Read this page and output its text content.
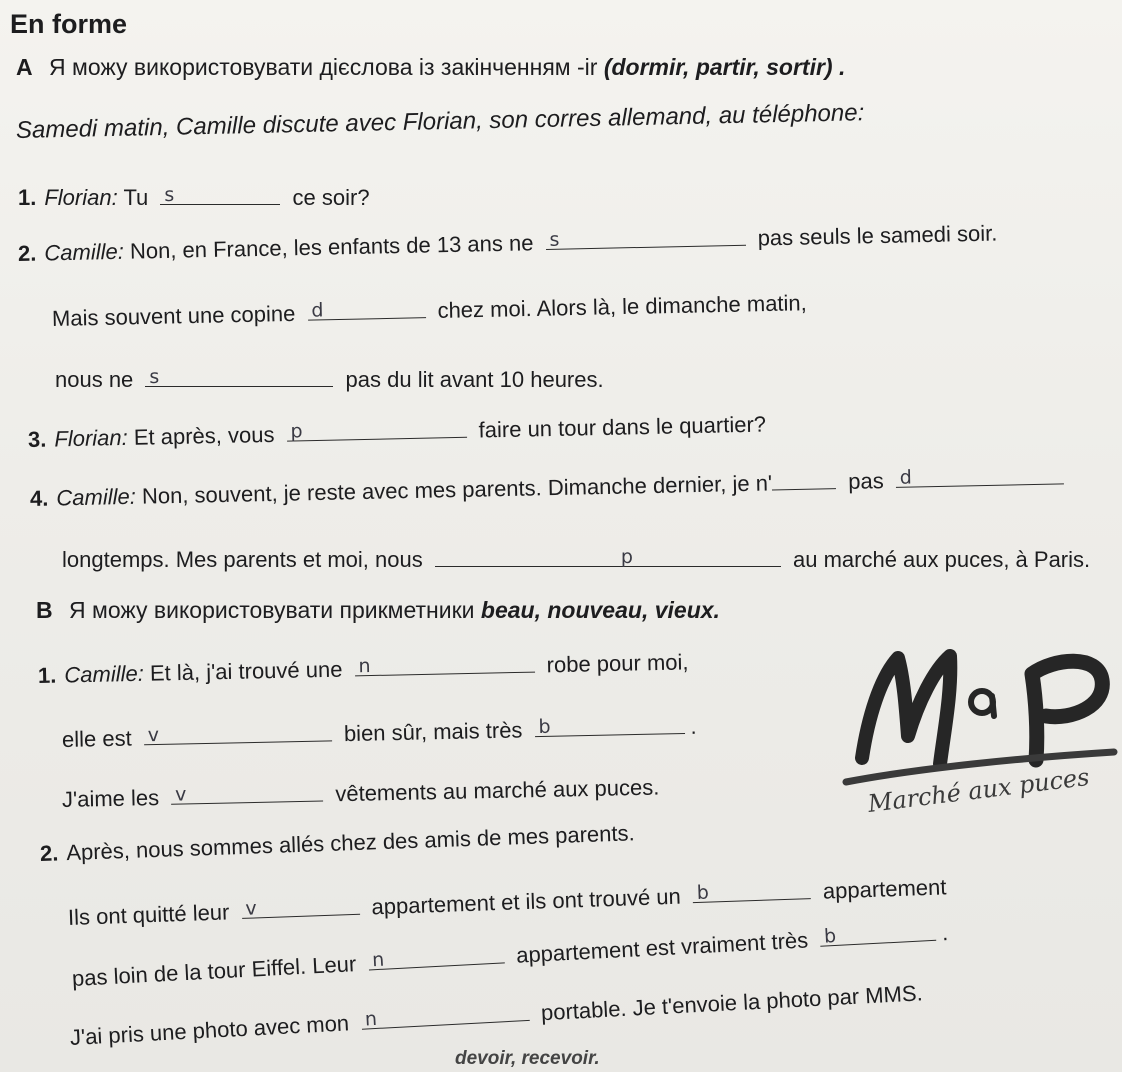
En forme
A Я можу використовувати дієслова із закінченням -ir (dormir, partir, sortir) .
Samedi matin, Camille discute avec Florian, son corres allemand, au téléphone:
1. Florian: Tu s	ce soir?
2. Camille: Non, en France, les enfants de 13 ans ne s	pas seuls le samedi soir.
Mais souvent une copine d	chez moi. Alors là, le dimanche matin,
nous ne s	pas du lit avant 10 heures.
3. Florian: Et après, vous p	faire un tour dans le quartier?
4. Camille: Non, souvent, je reste avec mes parents. Dimanche dernier, je n'	pas d
longtemps. Mes parents et moi, nous	p	au marché aux puces, à Paris.
B Я можу використовувати прикметники beau, nouveau, vieux.
1. Camille: Et là, j'ai trouvé une n	robe pour moi,
elle est v	bien sûr, mais très b	.
J'aime les v	vêtements au marché aux puces.	Marché aux puces
2. Après, nous sommes allés chez des amis de mes parents.
Ils ont quitté leur v	appartement et ils ont trouvé un b	appartement
pas loin de la tour Eiffel. Leur n	appartement est vraiment très b	.
J'ai pris une photo avec mon n	portable. Je t'envoie la photo par MMS.
devoir, recevoir.
